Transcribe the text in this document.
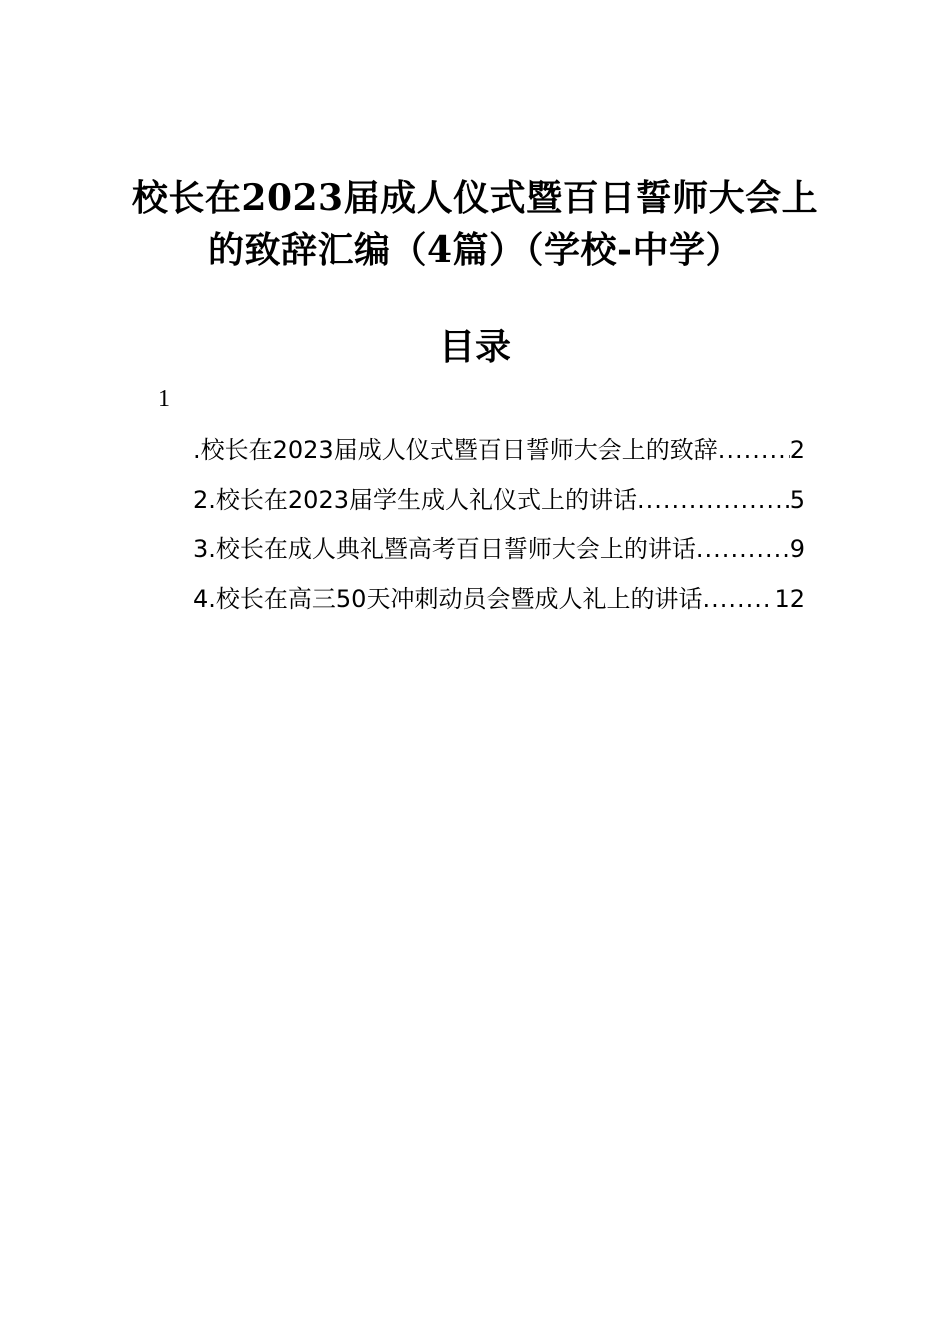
校长在2023届成人仪式暨百日誓师大会上
的致辞汇编（4篇）（学校-中学）
目录
1
.校长在2023届成人仪式暨百日誓师大会上的致辞 .....	2
2 .校长在2023届学生成人礼仪式上的讲话 .....	5
3 .校长在成人典礼暨高考百日誓师大会上的讲话 .....	9
4 .校长在高三50天冲刺动员会暨成人礼上的讲话 .....	12
